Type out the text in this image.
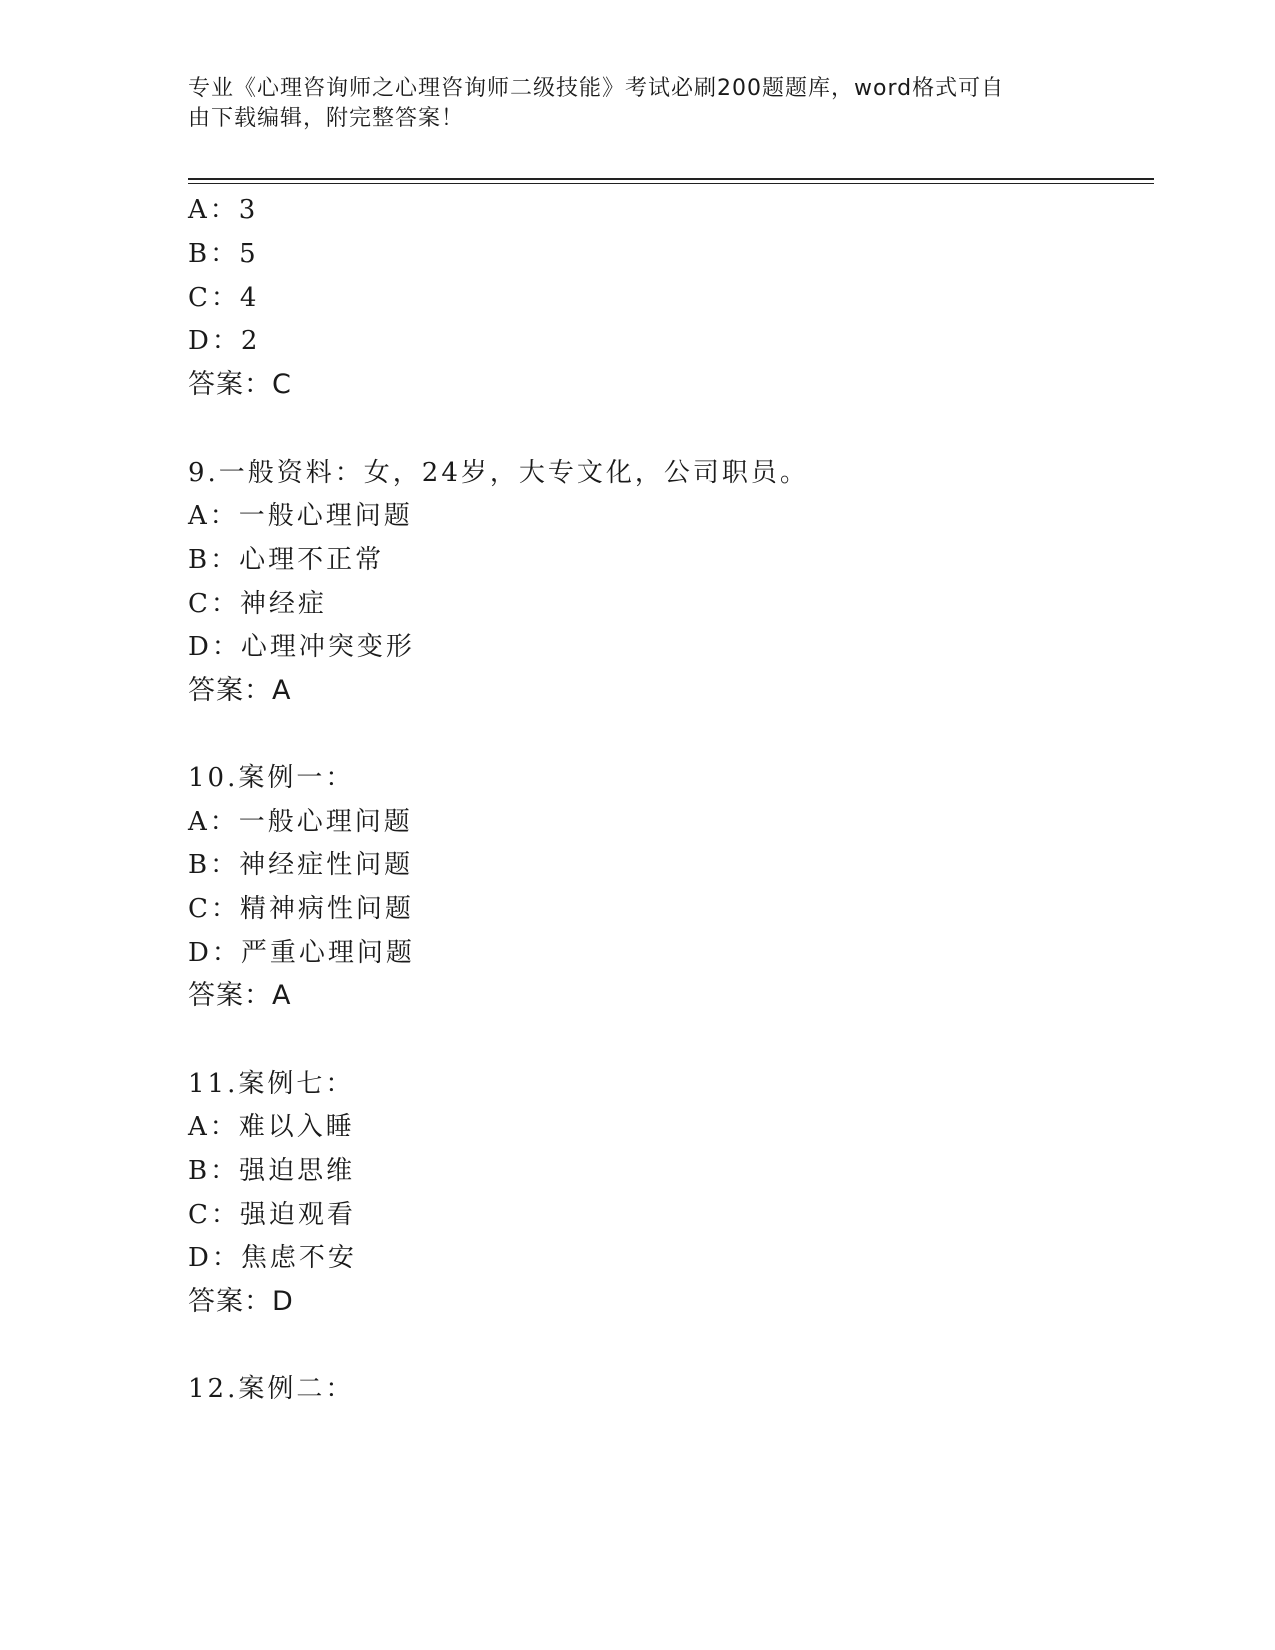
专业《心理咨询师之心理咨询师二级技能》考试必刷200题题库，word格式可自
由下载编辑，附完整答案！
A：3
B：5
C：4
D：2
答案：C
9.一般资料：女，24岁，大专文化，公司职员。
A：一般心理问题
B：心理不正常
C：神经症
D：心理冲突变形
答案：A
10.案例一：
A：一般心理问题
B：神经症性问题
C：精神病性问题
D：严重心理问题
答案：A
11.案例七：
A：难以入睡
B：强迫思维
C：强迫观看
D：焦虑不安
答案：D
12.案例二：
